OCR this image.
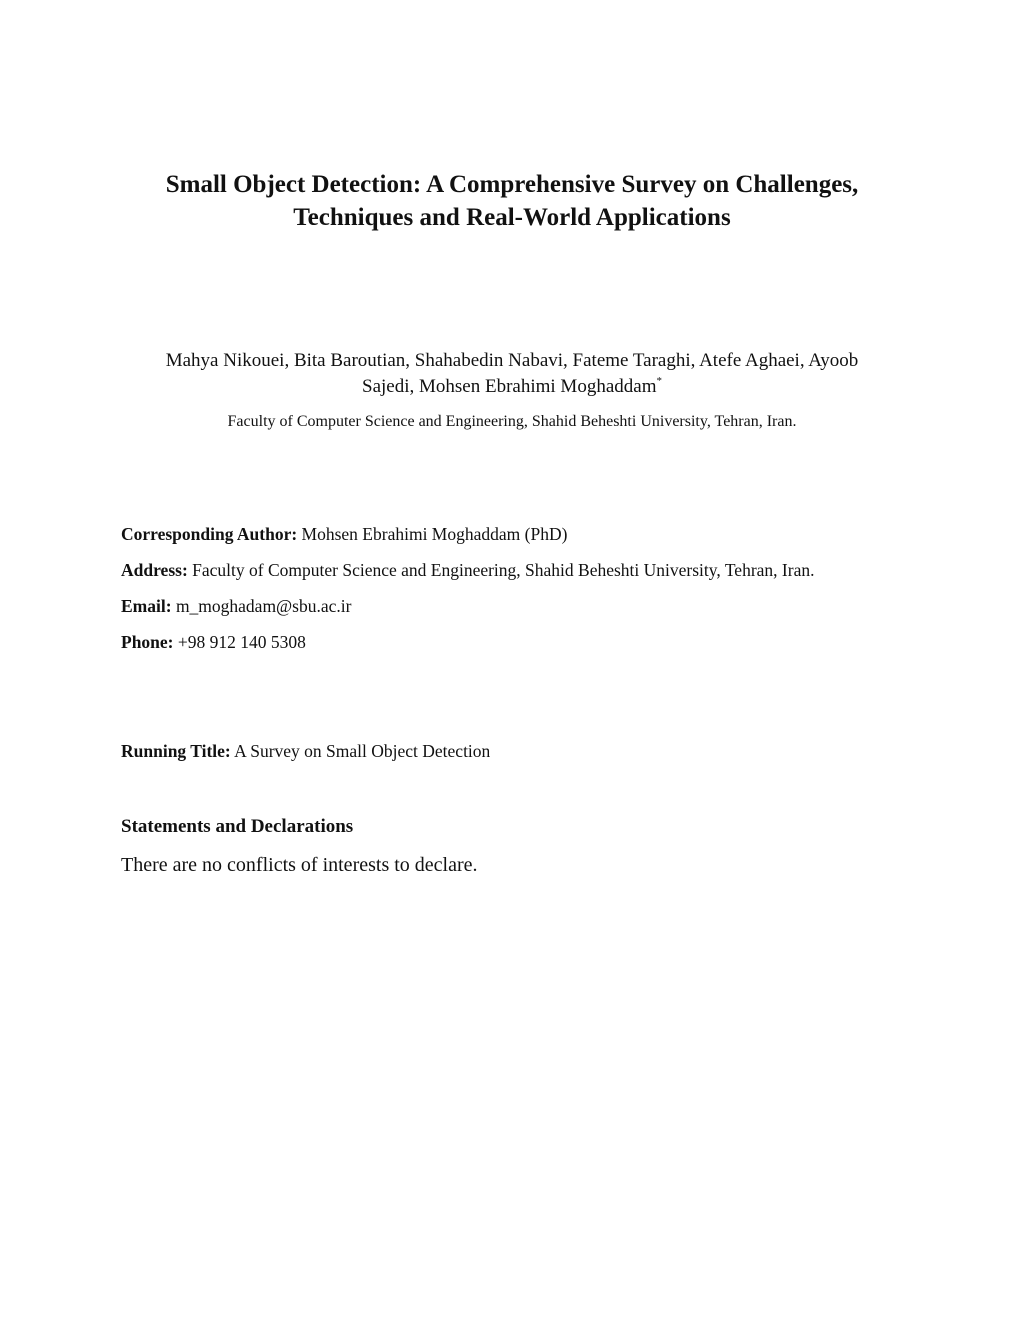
Small Object Detection: A Comprehensive Survey on Challenges,
Techniques and Real-World Applications
Mahya Nikouei, Bita Baroutian, Shahabedin Nabavi, Fateme Taraghi, Atefe Aghaei, Ayoob
Sajedi, Mohsen Ebrahimi Moghaddam*
Faculty of Computer Science and Engineering, Shahid Beheshti University, Tehran, Iran.
Corresponding Author: Mohsen Ebrahimi Moghaddam (PhD)
Address: Faculty of Computer Science and Engineering, Shahid Beheshti University, Tehran, Iran.
Email: m_moghadam@sbu.ac.ir
Phone: +98 912 140 5308
Running Title: A Survey on Small Object Detection
Statements and Declarations
There are no conflicts of interests to declare.
